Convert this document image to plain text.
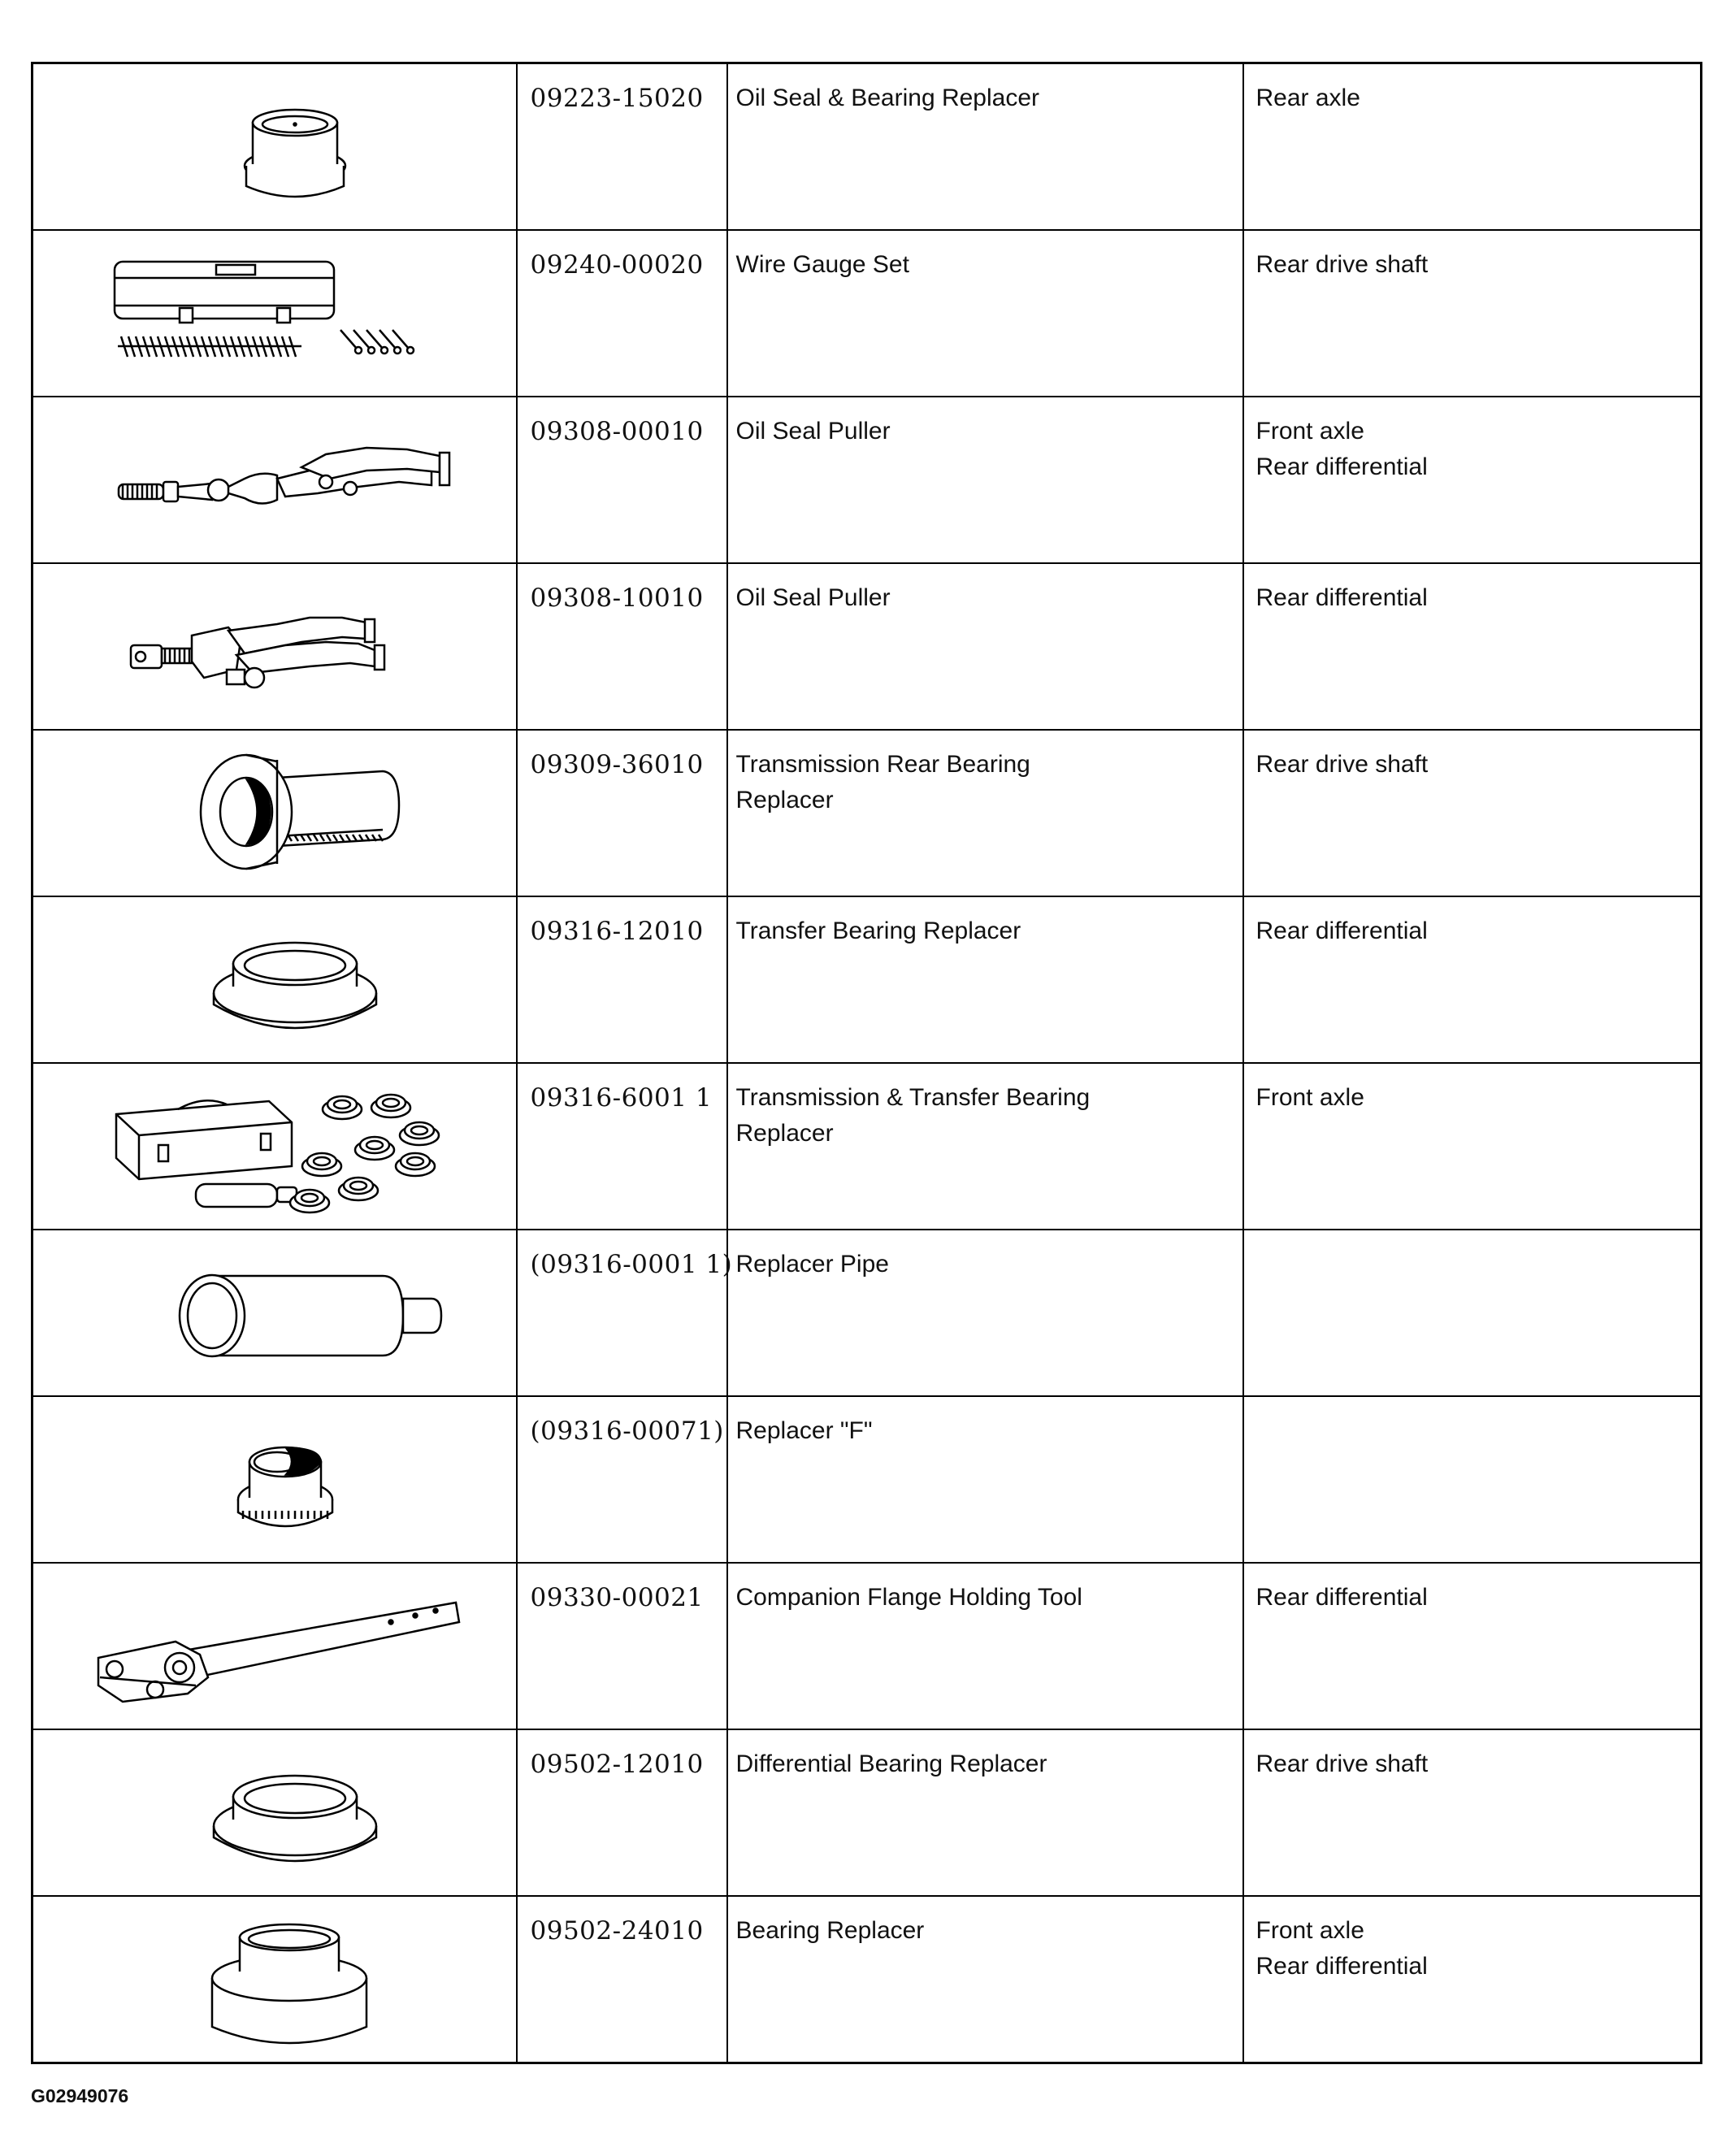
09223-15020	Oil Seal & Bearing Replacer	Rear axle

09240-00020	Wire Gauge Set	Rear drive shaft

09308-00010	Oil Seal Puller	Front axle
Rear differential

09308-10010	Oil Seal Puller	Rear differential

09309-36010	Transmission Rear Bearing
Replacer	Rear drive shaft

09316-12010	Transfer Bearing Replacer	Rear differential

09316-6001 1	Transmission & Transfer Bearing
Replacer	Front axle

(09316-0001 1)	Replacer Pipe	

(09316-00071)	Replacer "F"	

09330-00021	Companion Flange Holding Tool	Rear differential

09502-12010	Differential Bearing Replacer	Rear drive shaft

09502-24010	Bearing Replacer	Front axle
Rear differential
G02949076
